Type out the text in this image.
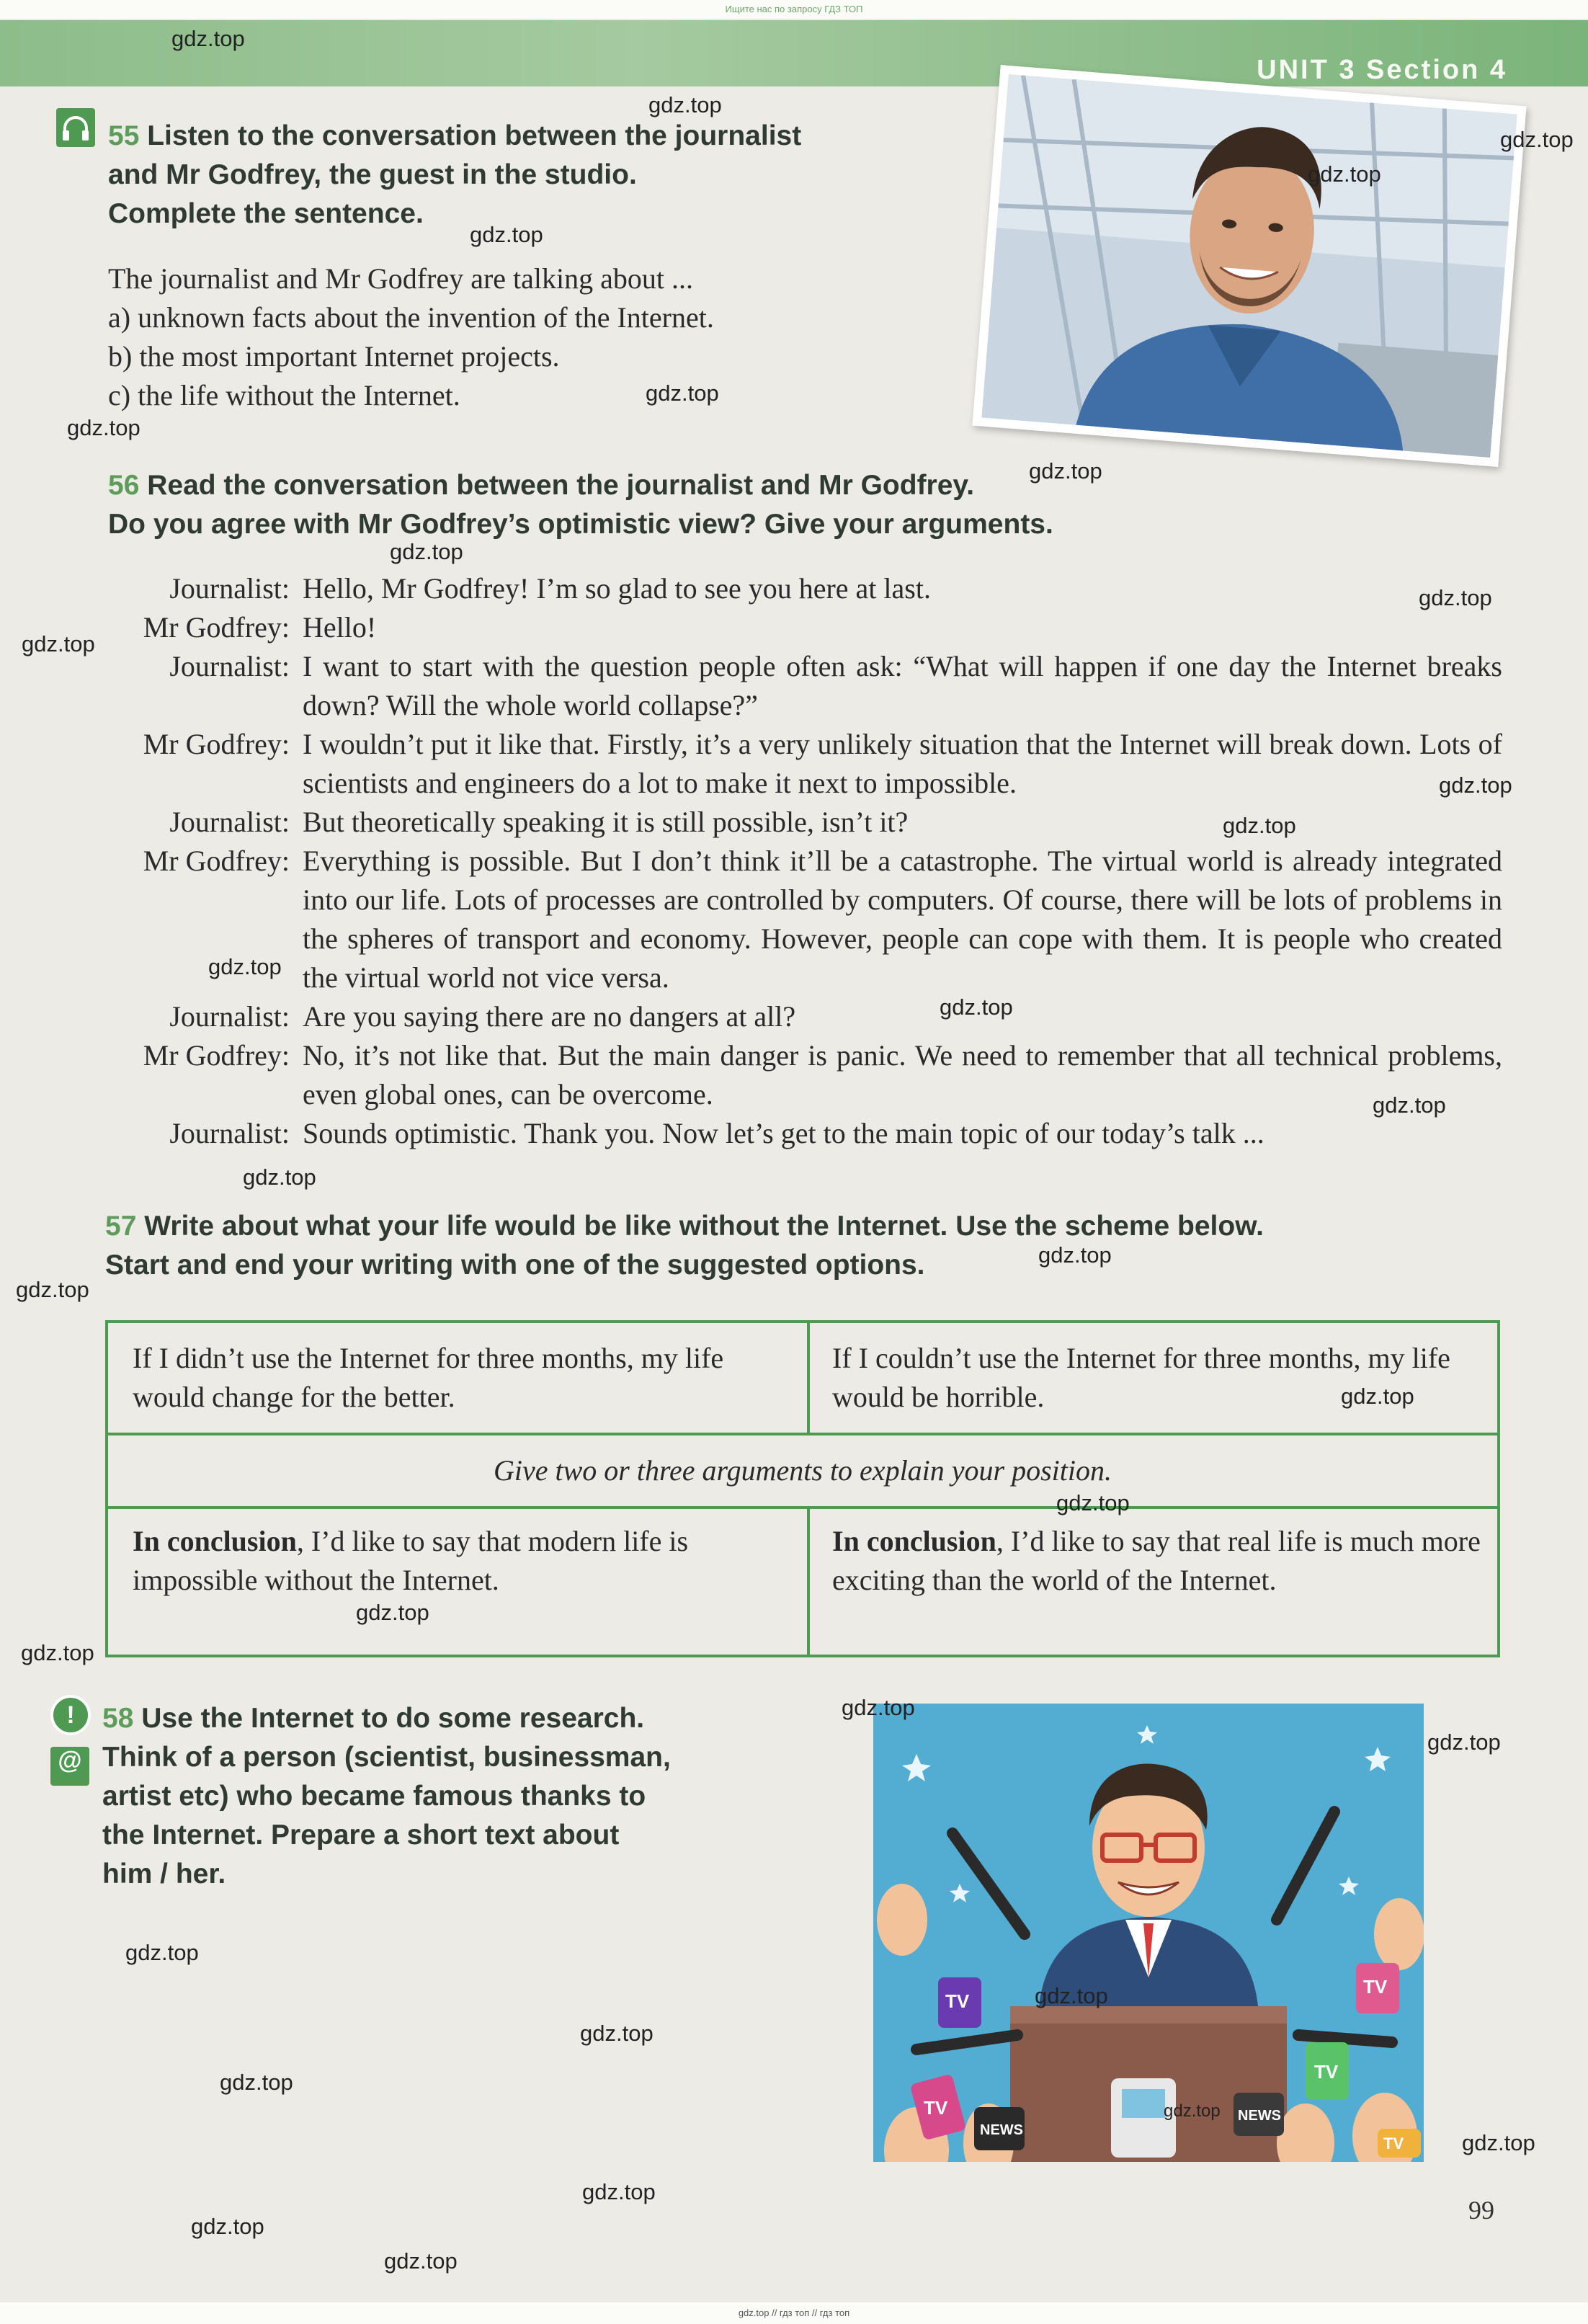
Ищите нас по запросу ГДЗ ТОП
UNIT 3 Section 4
55 Listen to the conversation between the journalist
and Mr Godfrey, the guest in the studio.
Complete the sentence.
The journalist and Mr Godfrey are talking about ...
a) unknown facts about the invention of the Internet.
b) the most important Internet projects.
c) the life without the Internet.
56 Read the conversation between the journalist and Mr Godfrey.
Do you agree with Mr Godfrey’s optimistic view? Give your arguments.
Journalist: Hello, Mr Godfrey! I’m so glad to see you here at last.
Mr Godfrey: Hello!
Journalist: I want to start with the question people often ask: “What will happen if one day the Internet breaks down? Will the whole world collapse?”
Mr Godfrey: I wouldn’t put it like that. Firstly, it’s a very unlikely situation that the Internet will break down. Lots of scientists and engineers do a lot to make it next to impossible.
Journalist: But theoretically speaking it is still possible, isn’t it?
Mr Godfrey: Everything is possible. But I don’t think it’ll be a catastrophe. The virtual world is already integrated into our life. Lots of processes are controlled by computers. Of course, there will be lots of problems in the spheres of transport and economy. However, people can cope with them. It is people who created the virtual world not vice versa.
Journalist: Are you saying there are no dangers at all?
Mr Godfrey: No, it’s not like that. But the main danger is panic. We need to remember that all technical problems, even global ones, can be overcome.
Journalist: Sounds optimistic. Thank you. Now let’s get to the main topic of our today’s talk ...
57 Write about what your life would be like without the Internet. Use the scheme below.
Start and end your writing with one of the suggested options.
If I didn’t use the Internet for three months, my life would change for the better.
If I couldn’t use the Internet for three months, my life would be horrible.
Give two or three arguments to explain your position.
In conclusion, I’d like to say that modern life is impossible without the Internet.
In conclusion, I’d like to say that real life is much more exciting than the world of the Internet.
!
@
58 Use the Internet to do some research.
Think of a person (scientist, businessman,
artist etc) who became famous thanks to
the Internet. Prepare a short text about
him / her.
TV
NEWS
TV
NEWS
TV
TV
TV
gdz.top
gdz.top
gdz.top
gdz.top
gdz.top
gdz.top
gdz.top
gdz.top
gdz.top
gdz.top
gdz.top
gdz.top
gdz.top
gdz.top
gdz.top
gdz.top
gdz.top
gdz.top
gdz.top
gdz.top
gdz.top
gdz.top
gdz.top
gdz.top
gdz.top
gdz.top
gdz.top
gdz.top
gdz.top
gdz.top
gdz.top
gdz.top
gdz.top
gdz.top
99
gdz.top // гдз топ // гдз топ
